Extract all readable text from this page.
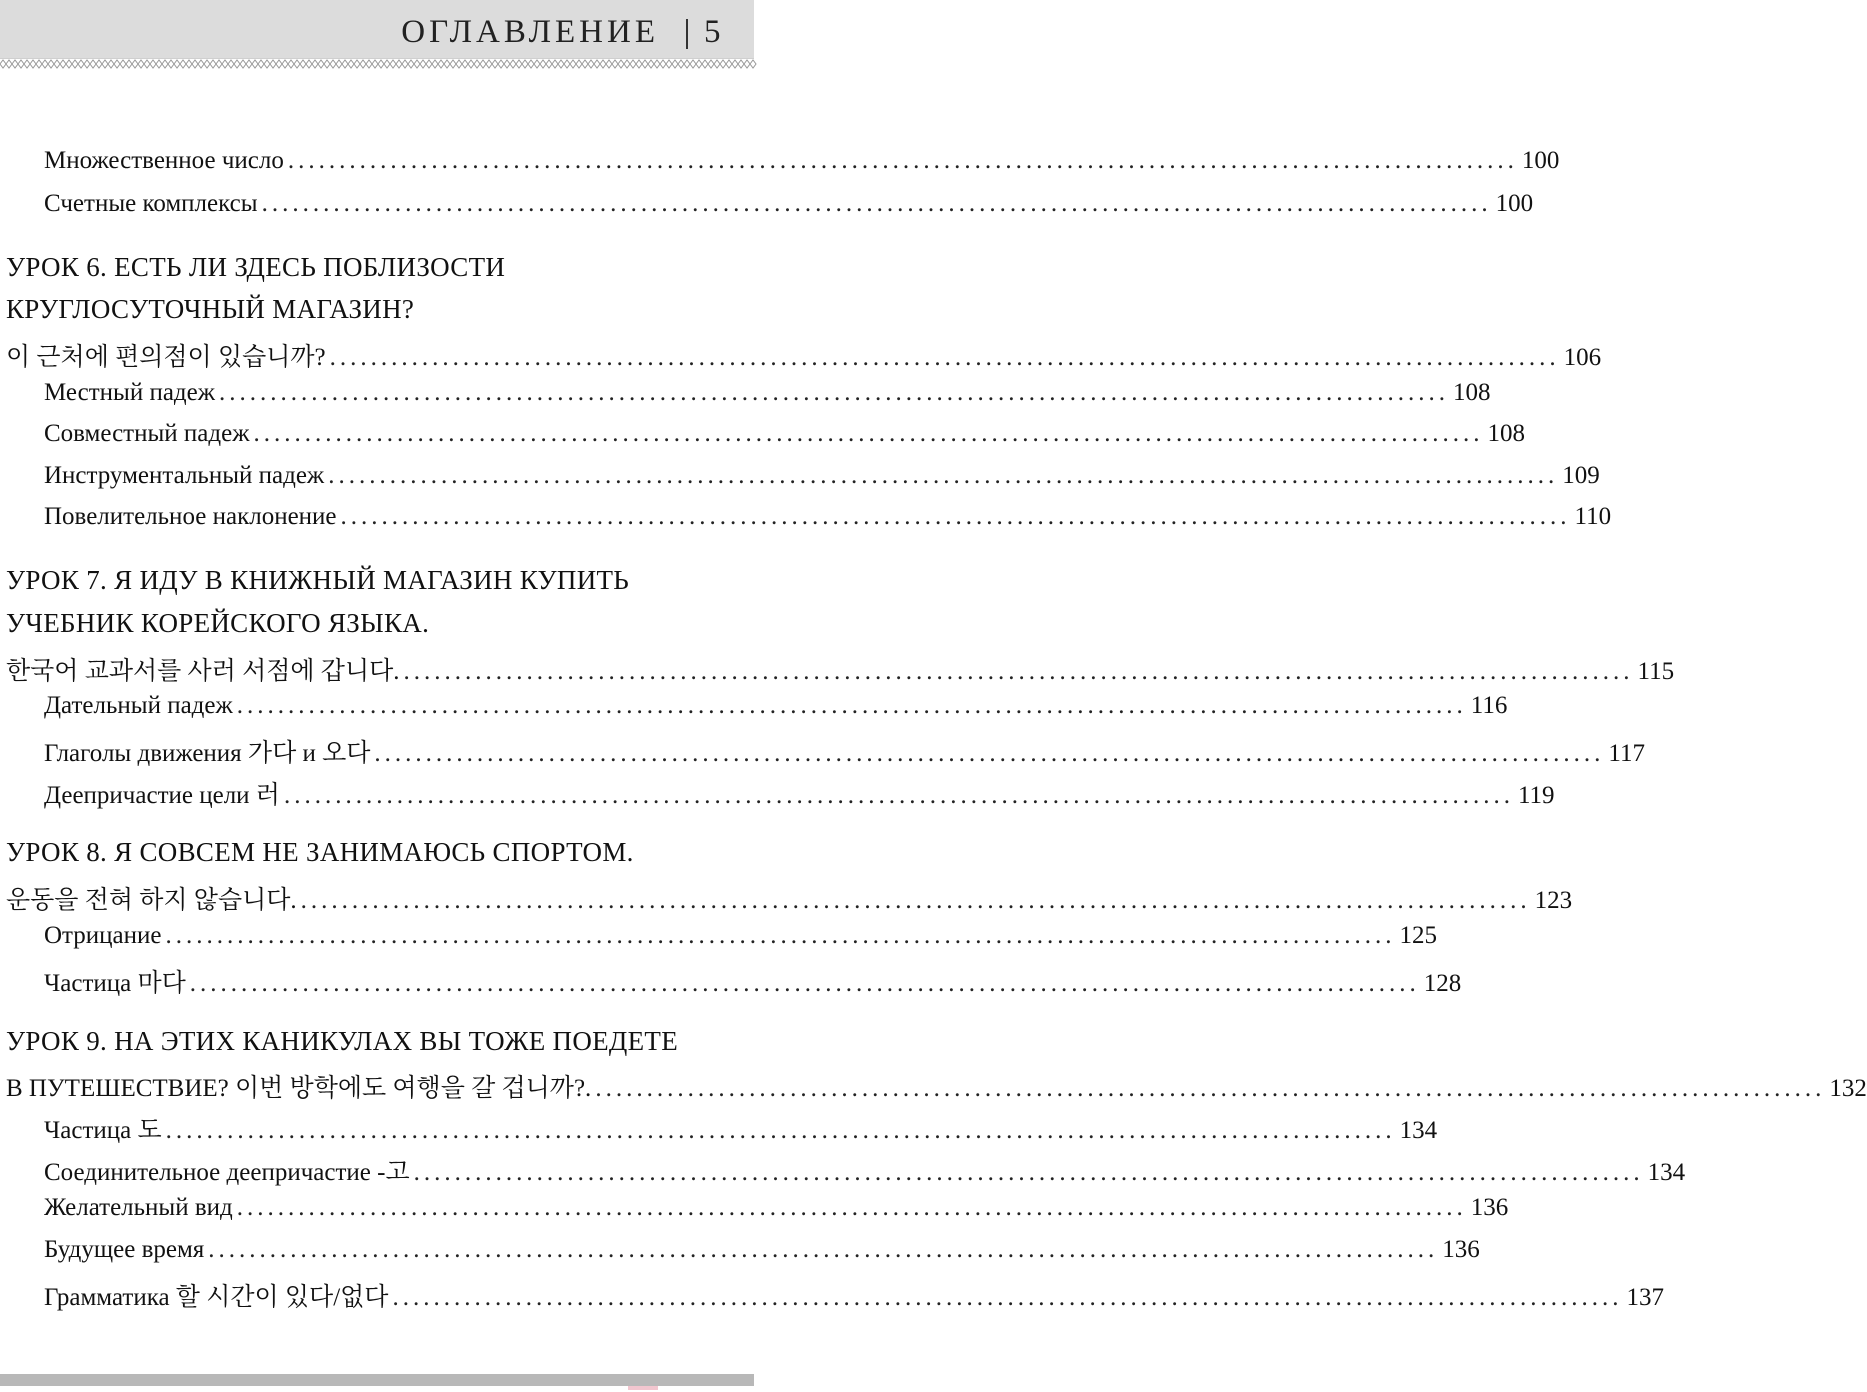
ОГЛАВЛЕНИЕ 5
Множественное число ........................................................................................................................ 100
Счетные комплексы ........................................................................................................................ 100
УРОК 6. ЕСТЬ ЛИ ЗДЕСЬ ПОБЛИЗОСТИ
КРУГЛОСУТОЧНЫЙ МАГАЗИН?
이 근처에 편의점이 있습니까? ........................................................................................................................ 106
Местный падеж ........................................................................................................................ 108
Совместный падеж ........................................................................................................................ 108
Инструментальный падеж ........................................................................................................................ 109
Повелительное наклонение ........................................................................................................................ 110
УРОК 7. Я ИДУ В КНИЖНЫЙ МАГАЗИН КУПИТЬ
УЧЕБНИК КОРЕЙСКОГО ЯЗЫКА.
한국어 교과서를 사러 서점에 갑니다. ........................................................................................................................ 115
Дательный падеж ........................................................................................................................ 116
Глаголы движения 가다 и 오다 ........................................................................................................................ 117
Деепричастие цели 러 ........................................................................................................................ 119
УРОК 8. Я СОВСЕМ НЕ ЗАНИМАЮСЬ СПОРТОМ.
운동을 전혀 하지 않습니다. ........................................................................................................................ 123
Отрицание ........................................................................................................................ 125
Частица 마다 ........................................................................................................................ 128
УРОК 9. НА ЭТИХ КАНИКУЛАХ ВЫ ТОЖЕ ПОЕДЕТЕ
В ПУТЕШЕСТВИЕ? 이번 방학에도 여행을 갈 겁니까?. ........................................................................................................................ 132
Частица 도 ........................................................................................................................ 134
Соединительное деепричастие -고 ........................................................................................................................ 134
Желательный вид ........................................................................................................................ 136
Будущее время ........................................................................................................................ 136
Грамматика 할 시간이 있다/없다 ........................................................................................................................ 137
